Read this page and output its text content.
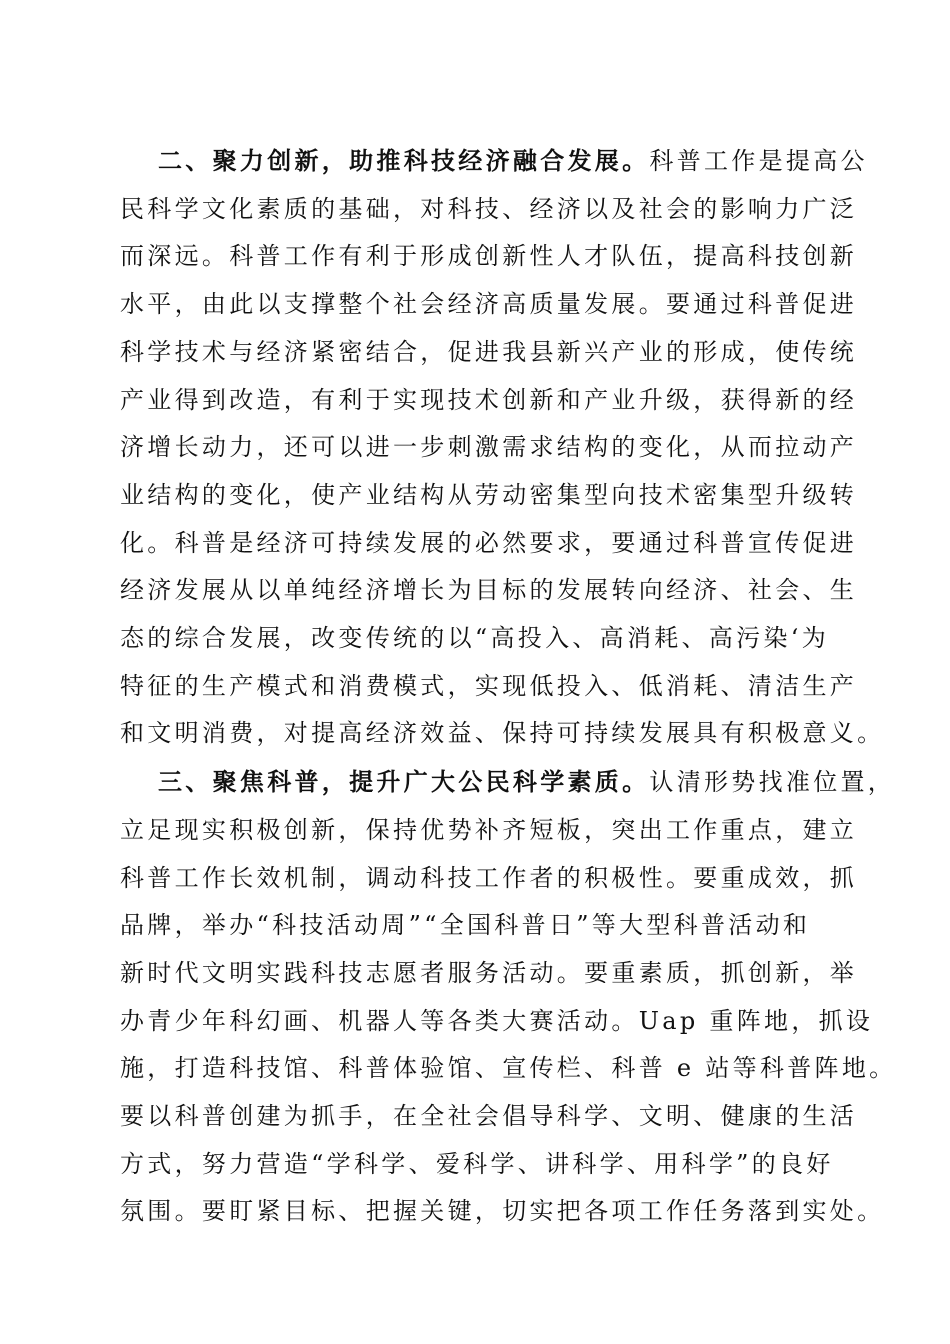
二、聚力创新，助推科技经济融合发展。科普工作是提高公
民科学文化素质的基础，对科技、经济以及社会的影响力广泛
而深远。科普工作有利于形成创新性人才队伍，提高科技创新
水平，由此以支撑整个社会经济高质量发展。要通过科普促进
科学技术与经济紧密结合，促进我县新兴产业的形成，使传统
产业得到改造，有利于实现技术创新和产业升级，获得新的经
济增长动力，还可以进一步刺激需求结构的变化，从而拉动产
业结构的变化，使产业结构从劳动密集型向技术密集型升级转
化。科普是经济可持续发展的必然要求，要通过科普宣传促进
经济发展从以单纯经济增长为目标的发展转向经济、社会、生
态的综合发展，改变传统的以“高投入、高消耗、高污染‘为
特征的生产模式和消费模式，实现低投入、低消耗、清洁生产
和文明消费，对提高经济效益、保持可持续发展具有积极意义。
三、聚焦科普，提升广大公民科学素质。认清形势找准位置，
立足现实积极创新，保持优势补齐短板，突出工作重点，建立
科普工作长效机制，调动科技工作者的积极性。要重成效，抓
品牌，举办“科技活动周”“全国科普日”等大型科普活动和
新时代文明实践科技志愿者服务活动。要重素质，抓创新，举
办青少年科幻画、机器人等各类大赛活动。Uap 重阵地，抓设
施，打造科技馆、科普体验馆、宣传栏、科普 e 站等科普阵地。
要以科普创建为抓手，在全社会倡导科学、文明、健康的生活
方式，努力营造“学科学、爱科学、讲科学、用科学”的良好
氛围。要盯紧目标、把握关键，切实把各项工作任务落到实处。
